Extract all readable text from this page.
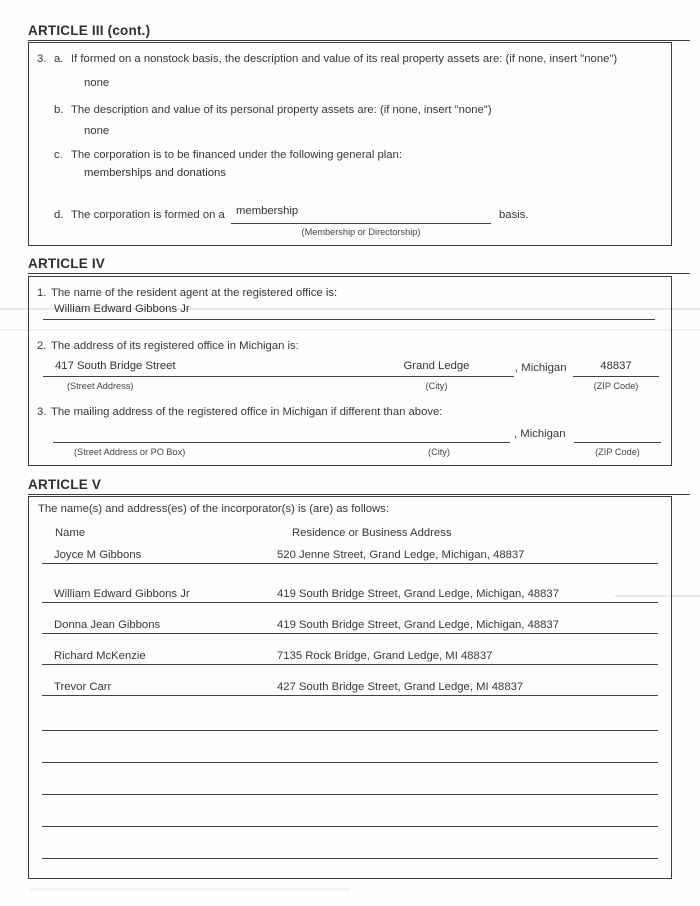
ARTICLE III (cont.)
3. a. If formed on a nonstock basis, the description and value of its real property assets are: (if none, insert "none")
none
b. The description and value of its personal property assets are: (if none, insert "none")
none
c. The corporation is to be financed under the following general plan:
memberships and donations
d. The corporation is formed on a membership
(Membership or Directorship)
basis.
ARTICLE IV
1. The name of the resident agent at the registered office is:
William Edward Gibbons Jr
2. The address of its registered office in Michigan is:
417 South Bridge Street	Grand Ledge	, Michigan	48837
(Street Address)	(City)	(ZIP Code)
3. The mailing address of the registered office in Michigan if different than above:
, Michigan
(Street Address or PO Box)	(City)	(ZIP Code)
ARTICLE V
The name(s) and address(es) of the incorporator(s) is (are) as follows:
Name	Residence or Business Address
Joyce M Gibbons	520 Jenne Street, Grand Ledge, Michigan, 48837
William Edward Gibbons Jr	419 South Bridge Street, Grand Ledge, Michigan, 48837
Donna Jean Gibbons	419 South Bridge Street, Grand Ledge, Michigan, 48837
Richard McKenzie	7135 Rock Bridge, Grand Ledge, MI 48837
Trevor Carr	427 South Bridge Street, Grand Ledge, MI 48837
